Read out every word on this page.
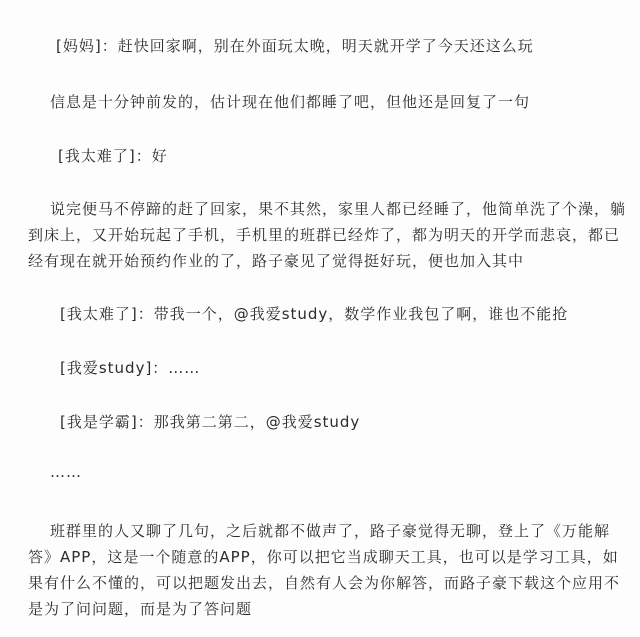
[妈妈]：赶快回家啊，别在外面玩太晚，明天就开学了今天还这么玩
信息是十分钟前发的，估计现在他们都睡了吧，但他还是回复了一句
[我太难了]：好
说完便马不停蹄的赶了回家，果不其然，家里人都已经睡了，他简单洗了个澡，躺到床上，又开始玩起了手机，手机里的班群已经炸了，都为明天的开学而悲哀，都已经有现在就开始预约作业的了，路子豪见了觉得挺好玩，便也加入其中
[我太难了]：带我一个，@我爱study，数学作业我包了啊，谁也不能抢
[我爱study]：……
[我是学霸]：那我第二第二，@我爱study
……
班群里的人又聊了几句，之后就都不做声了，路子豪觉得无聊，登上了《万能解答》APP，这是一个随意的APP，你可以把它当成聊天工具，也可以是学习工具，如果有什么不懂的，可以把题发出去，自然有人会为你解答，而路子豪下载这个应用不是为了问问题，而是为了答问题
